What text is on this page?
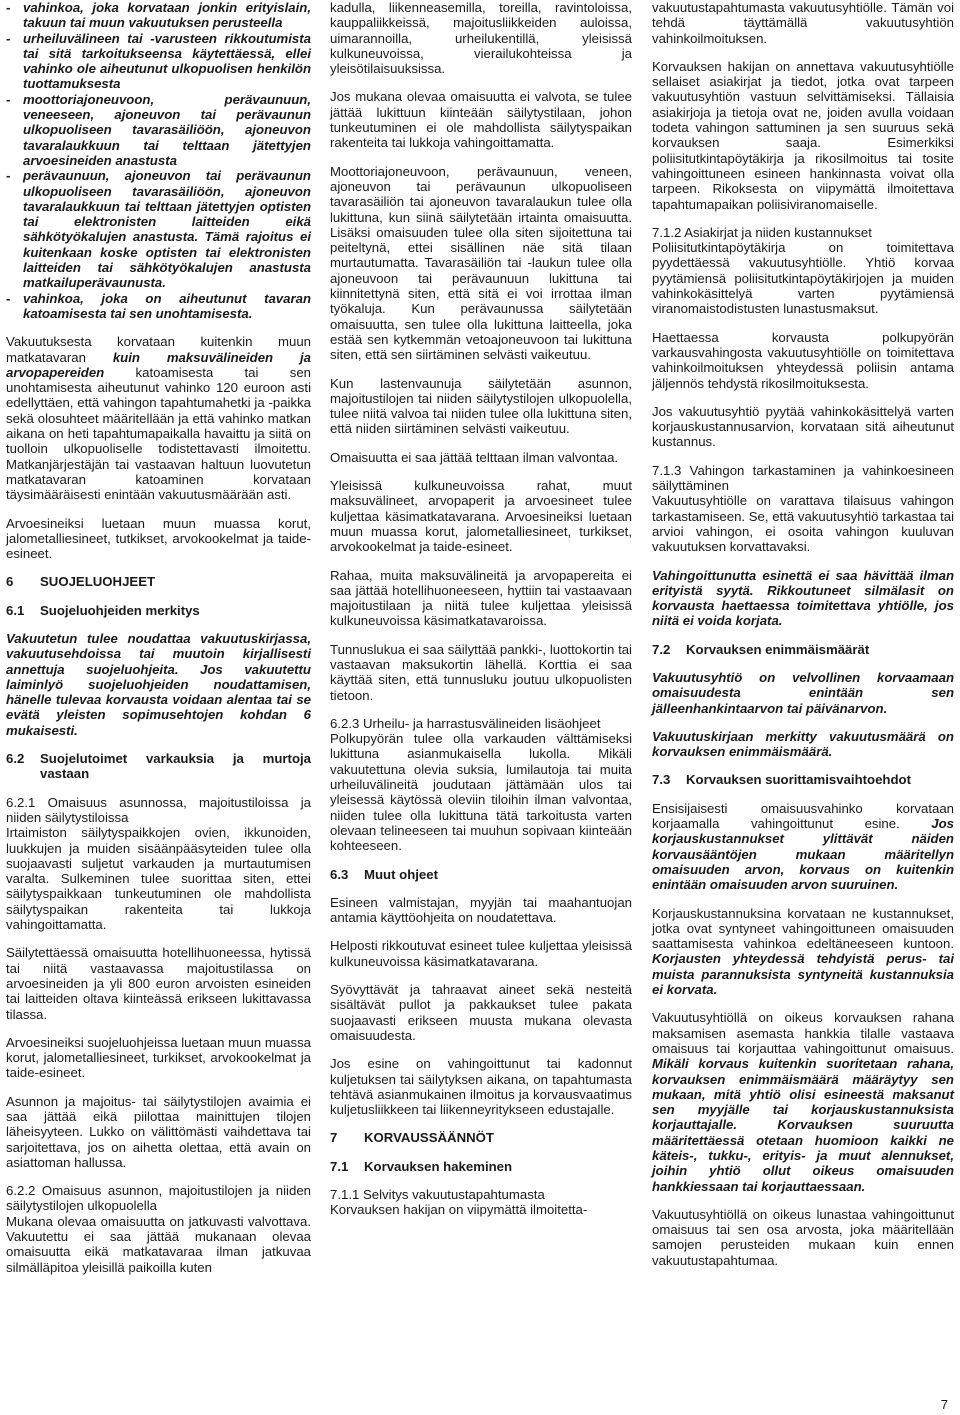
- vahinkoa, joka korvataan jonkin erityislain, takuun tai muun vakuutuksen perusteella

- urheiluvälineen tai -varusteen rikkoutumista tai sitä tarkoitukseensa käytettäessä, ellei vahinko ole aiheutunut ulkopuolisen henkilön tuottamuksesta

- moottoriajoneuvoon, perävaunuun, veneeseen, ajoneuvon tai perävaunun ulkopuoliseen tavarasäiliöön, ajoneuvon tavaralaukkuun tai telttaan jätettyjen arvoesineiden anastusta

- perävaunuun, ajoneuvon tai perävaunun ulkopuoliseen tavarasäiliöön, ajoneuvon tavaralaukkuun tai telttaan jätettyjen optisten tai elektronisten laitteiden eikä sähkötyökalujen anastusta. Tämä rajoitus ei kuitenkaan koske optisten tai elektronisten laitteiden tai sähkötyökalujen anastusta matkailuperävaunusta.

- vahinkoa, joka on aiheutunut tavaran katoamisesta tai sen unohtamisesta.

Vakuutuksesta korvataan kuitenkin muun matkatavaran kuin maksuvälineiden ja arvopapereiden katoamisesta tai sen unohtamisesta aiheutunut vahinko 120 euroon asti edellyttäen, että vahingon tapahtumahetki ja -paikka sekä olosuhteet määritellään ja että vahinko matkan aikana on heti tapahtumapaikalla havaittu ja siitä on tuolloin ulkopuoliselle todistettavasti ilmoitettu. Matkanjärjestäjän tai vastaavan haltuun luovutetun matkatavaran katoaminen korvataan täysimääräisesti enintään vakuutusmäärään asti.

Arvoesineiksi luetaan muun muassa korut, jalometalliesineet, tutkikset, arvokookelmat ja taide-esineet.

6	SUOJELUOHJEET
6.1	Suojeluohjeiden merkitys

Vakuutetun tulee noudattaa vakuutuskirjassa, vakuutusehdoissa tai muutoin kirjallisesti annettuja suojeluohjeita. Jos vakuutettu laiminlyö suojeluohjeiden noudattamisen, hänelle tulevaa korvausta voidaan alentaa tai se evätä yleisten sopimusehtojen kohdan 6 mukaisesti.

6.2	Suojelutoimet varkauksia ja murtoja vastaan

6.2.1 Omaisuus asunnossa, majoitustiloissa ja niiden säilytystiloissa
Irtaimiston säilytyspaikkojen ovien, ikkunoiden, luukkujen ja muiden sisäänpääsyteiden tulee olla suojaavasti suljetut varkauden ja murtautumisen varalta. Sulkeminen tulee suorittaa siten, ettei säilytyspaikkaan tunkeutuminen ole mahdollista säilytyspaikan rakenteita tai lukkoja vahingoittamatta.

Säilytettäessä omaisuutta hotellihuoneessa, hytissä tai niitä vastaavassa majoitustilassa on arvoesineiden ja yli 800 euron arvoisten esineiden tai laitteiden oltava kiinteässä erikseen lukittavassa tilassa.

Arvoesineiksi suojeluohjeissa luetaan muun muassa korut, jalometalliesineet, turkikset, arvokookelmat ja taide-esineet.

Asunnon ja majoitus- tai säilytystilojen avaimia ei saa jättää eikä piilottaa mainittujen tilojen läheisyyteen. Lukko on välittömästi vaihdettava tai sarjoitettava, jos on aihetta olettaa, että avain on asiattoman hallussa.

6.2.2 Omaisuus asunnon, majoitustilojen ja niiden säilytystilojen ulkopuolella
Mukana olevaa omaisuutta on jatkuvasti valvottava. Vakuutettu ei saa jättää mukanaan olevaa omaisuutta eikä matkatavaraa ilman jatkuvaa silmälläpitoa yleisillä paikoilla kuten

kadulla, liikenneasemilla, toreilla, ravintoloissa, kauppaliikkeissä, majoitusliikkeiden auloissa, uimarannoilla, urheilukentillä, yleisissä kulkuneuvoissa, vierailukohteissa ja yleisötilaisuuksissa.

Jos mukana olevaa omaisuutta ei valvota, se tulee jättää lukittuun kiinteään säilytystilaan, johon tunkeutuminen ei ole mahdollista säilytyspaikan rakenteita tai lukkoja vahingoittamatta.

Moottoriajoneuvoon, perävaunuun, veneen, ajoneuvon tai perävaunun ulkopuoliseen tavarasäiliön tai ajoneuvon tavaralaukun tulee olla lukittuna, kun siinä säilytetään irtainta omaisuutta. Lisäksi omaisuuden tulee olla siten sijoitettuna tai peiteltynä, ettei sisällinen näe sitä tilaan murtautumatta. Tavarasäiliön tai -laukun tulee olla ajoneuvoon tai perävaunuun lukittuna tai kiinnitettynä siten, että sitä ei voi irrottaa ilman työkaluja. Kun perävaunussa säilytetään omaisuutta, sen tulee olla lukittuna laitteella, joka estää sen kytkemmän vetoajoneuvoon tai lukittuna siten, että sen siirtäminen selvästi vaikeutuu.

Kun lastenvaunuja säilytetään asunnon, majoitustilojen tai niiden säilytystilojen ulkopuolella, tulee niitä valvoa tai niiden tulee olla lukittuna siten, että niiden siirtäminen selvästi vaikeutuu.

Omaisuutta ei saa jättää telttaan ilman valvontaa.

Yleisissä kulkuneuvoissa rahat, muut maksuvälineet, arvopaperit ja arvoesineet tulee kuljettaa käsimatkatavarana. Arvoesineiksi luetaan muun muassa korut, jalometalliesineet, turkikset, arvokookelmat ja taide-esineet.

Rahaa, muita maksuvälineitä ja arvopapereita ei saa jättää hotellihuoneeseen, hyttiin tai vastaavaan majoitustilaan ja niitä tulee kuljettaa yleisissä kulkuneuvoissa käsimatkatavaroissa.

Tunnuslukua ei saa säilyttää pankki-, luottokortin tai vastaavan maksukortin lähellä. Korttia ei saa käyttää siten, että tunnusluku joutuu ulkopuolisten tietoon.

6.2.3 Urheilu- ja harrastusvälineiden lisäohjeet
Polkupyörän tulee olla varkauden välttämiseksi lukittuna asianmukaisella lukolla. Mikäli vakuutettuna olevia suksia, lumilautoja tai muita urheiluvälineitä joudutaan jättämään ulos tai yleisessä käytössä oleviin tiloihin ilman valvontaa, niiden tulee olla lukittuna tätä tarkoitusta varten olevaan telineeseen tai muuhun sopivaan kiinteään kohteeseen.

6.3	Muut ohjeet

Esineen valmistajan, myyjän tai maahantuojan antamia käyttöohjeita on noudatettava.

Helposti rikkoutuvat esineet tulee kuljettaa yleisissä kulkuneuvoissa käsimatkatavarana.

Syövyttävät ja tahraavat aineet sekä nesteitä sisältävät pullot ja pakkaukset tulee pakata suojaavasti erikseen muusta mukana olevasta omaisuudesta.

Jos esine on vahingoittunut tai kadonnut kuljetuksen tai säilytyksen aikana, on tapahtumasta tehtävä asianmukainen ilmoitus ja korvausvaatimus kuljetusliikkeen tai liikenneyritykseen edustajalle.

7	KORVAUSSÄÄNNÖT
7.1	Korvauksen hakeminen

7.1.1 Selvitys vakuutustapahtumasta
Korvauksen hakijan on viipymättä ilmoitetta-

vakuutustapahtumasta vakuutusyhtiölle. Tämän voi tehdä täyttämällä vakuutusyhtiön vahinkoilmoituksen.

Korvauksen hakijan on annettava vakuutusyhtiölle sellaiset asiakirjat ja tiedot, jotka ovat tarpeen vakuutusyhtiön vastuun selvittämiseksi. Tällaisia asiakirjoja ja tietoja ovat ne, joiden avulla voidaan todeta vahingon sattuminen ja sen suuruus sekä korvauksen saaja. Esimerkiksi poliisitutkintapöytäkirja ja rikosilmoitus tai tosite vahingoittuneen esineen hankinnasta voivat olla tarpeen. Rikoksesta on viipymättä ilmoitettava tapahtumapaikan poliisiviranomaiselle.

7.1.2 Asiakirjat ja niiden kustannukset
Poliisitutkintapöytäkirja on toimitettava pyydettäessä vakuutusyhtiölle. Yhtiö korvaa pyytämiensä poliisitutkintapöytäkirjojen ja muiden vahinkokäsittelyä varten pyytämiensä viranomaistodistusten lunastusmaksut.

Haettaessa korvausta polkupyörän varkausvahingosta vakuutusyhtiölle on toimitettava vahinkoilmoituksen yhteydessä poliisin antama jäljennös tehdystä rikosilmoituksesta.

Jos vakuutusyhtiö pyytää vahinkokäsittelyä varten korjauskustannusarvion, korvataan sitä aiheutunut kustannus.

7.1.3 Vahingon tarkastaminen ja vahinkoesineen säilyttäminen
Vakuutusyhtiölle on varattava tilaisuus vahingon tarkastamiseen. Se, että vakuutusyhtiö tarkastaa tai arvioi vahingon, ei osoita vahingon kuuluvan vakuutuksen korvattavaksi.

Vahingoittunutta esinettä ei saa hävittää ilman erityistä syytä. Rikkoutuneet silmälasit on korvausta haettaessa toimitettava yhtiölle, jos niitä ei voida korjata.

7.2	Korvauksen enimmäismäärät

Vakuutusyhtiö on velvollinen korvaamaan omaisuudesta enintään sen jälleenhankintaarvon tai päivänarvon.

Vakuutuskirjaan merkitty vakuutusmäärä on korvauksen enimmäismäärä.

7.3	Korvauksen suorittamisvaihtoehdot

Ensisijaisesti omaisuusvahinko korvataan korjaamalla vahingoittunut esine. Jos korjauskustannukset ylittävät näiden korvausääntöjen mukaan määritellyn omaisuuden arvon, korvaus on kuitenkin enintään omaisuuden arvon suuruinen.

Korjauskustannuksina korvataan ne kustannukset, jotka ovat syntyneet vahingoittuneen omaisuuden saattamisesta vahinkoa edeltäneeseen kuntoon. Korjausten yhteydessä tehdyistä perus- tai muista parannuksista syntyneitä kustannuksia ei korvata.

Vakuutusyhtiöllä on oikeus korvauksen rahana maksamisen asemasta hankkia tilalle vastaava omaisuus tai korjauttaa vahingoittunut omaisuus. Mikäli korvaus kuitenkin suoritetaan rahana, korvauksen enimmäismäärä määräytyy sen mukaan, mitä yhtiö olisi esineestä maksanut sen myyjälle tai korjauskustannuksista korjauttajalle. Korvauksen suuruutta määritettäessä otetaan huomioon kaikki ne käteis-, tukku-, erityis- ja muut alennukset, joihin yhtiö ollut oikeus omaisuuden hankkiessaan tai korjauttaessaan.

Vakuutusyhtiöllä on oikeus lunastaa vahingoittunut omaisuus tai sen osa arvosta, joka määritellään samojen perusteiden mukaan kuin ennen vakuutustapahtumaa.

7
